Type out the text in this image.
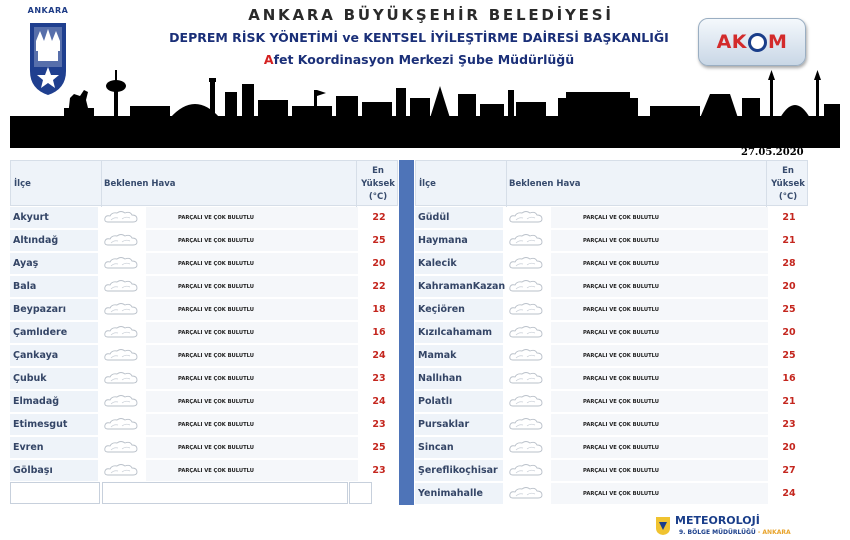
ANKARA	ANKARA BÜYÜKŞEHİR BELEDİYESİ
DEPREM RİSK YÖNETİMİ ve KENTSEL İYİLEŞTİRME DAİRESİ BAŞKANLIĞI
Afet Koordinasyon Merkezi Şube Müdürlüğü
AK M
27.05.2020
İlçe	Beklenen Hava
En
Yüksek
(°C)
Akyurt	PARÇALI VE ÇOK BULUTLU	22
Altındağ	PARÇALI VE ÇOK BULUTLU	25
Ayaş	PARÇALI VE ÇOK BULUTLU	20
Bala	PARÇALI VE ÇOK BULUTLU	22
Beypazarı	PARÇALI VE ÇOK BULUTLU	18
Çamlıdere	PARÇALI VE ÇOK BULUTLU	16
Çankaya	PARÇALI VE ÇOK BULUTLU	24
Çubuk	PARÇALI VE ÇOK BULUTLU	23
Elmadağ	PARÇALI VE ÇOK BULUTLU	24
Etimesgut	PARÇALI VE ÇOK BULUTLU	23
Evren	PARÇALI VE ÇOK BULUTLU	25
Gölbaşı	PARÇALI VE ÇOK BULUTLU	23
İlçe	Beklenen Hava
En
Yüksek
(°C)
Güdül	PARÇALI VE ÇOK BULUTLU	21
Haymana	PARÇALI VE ÇOK BULUTLU	21
Kalecik	PARÇALI VE ÇOK BULUTLU	28
KahramanKazan	PARÇALI VE ÇOK BULUTLU	20
Keçiören	PARÇALI VE ÇOK BULUTLU	25
Kızılcahamam	PARÇALI VE ÇOK BULUTLU	20
Mamak	PARÇALI VE ÇOK BULUTLU	25
Nallıhan	PARÇALI VE ÇOK BULUTLU	16
Polatlı	PARÇALI VE ÇOK BULUTLU	21
Pursaklar	PARÇALI VE ÇOK BULUTLU	23
Sincan	PARÇALI VE ÇOK BULUTLU	20
Şereflikoçhisar	PARÇALI VE ÇOK BULUTLU	27
Yenimahalle	PARÇALI VE ÇOK BULUTLU	24
METEOROLOJİ
9. BÖLGE MÜDÜRLÜĞÜ - ANKARA
